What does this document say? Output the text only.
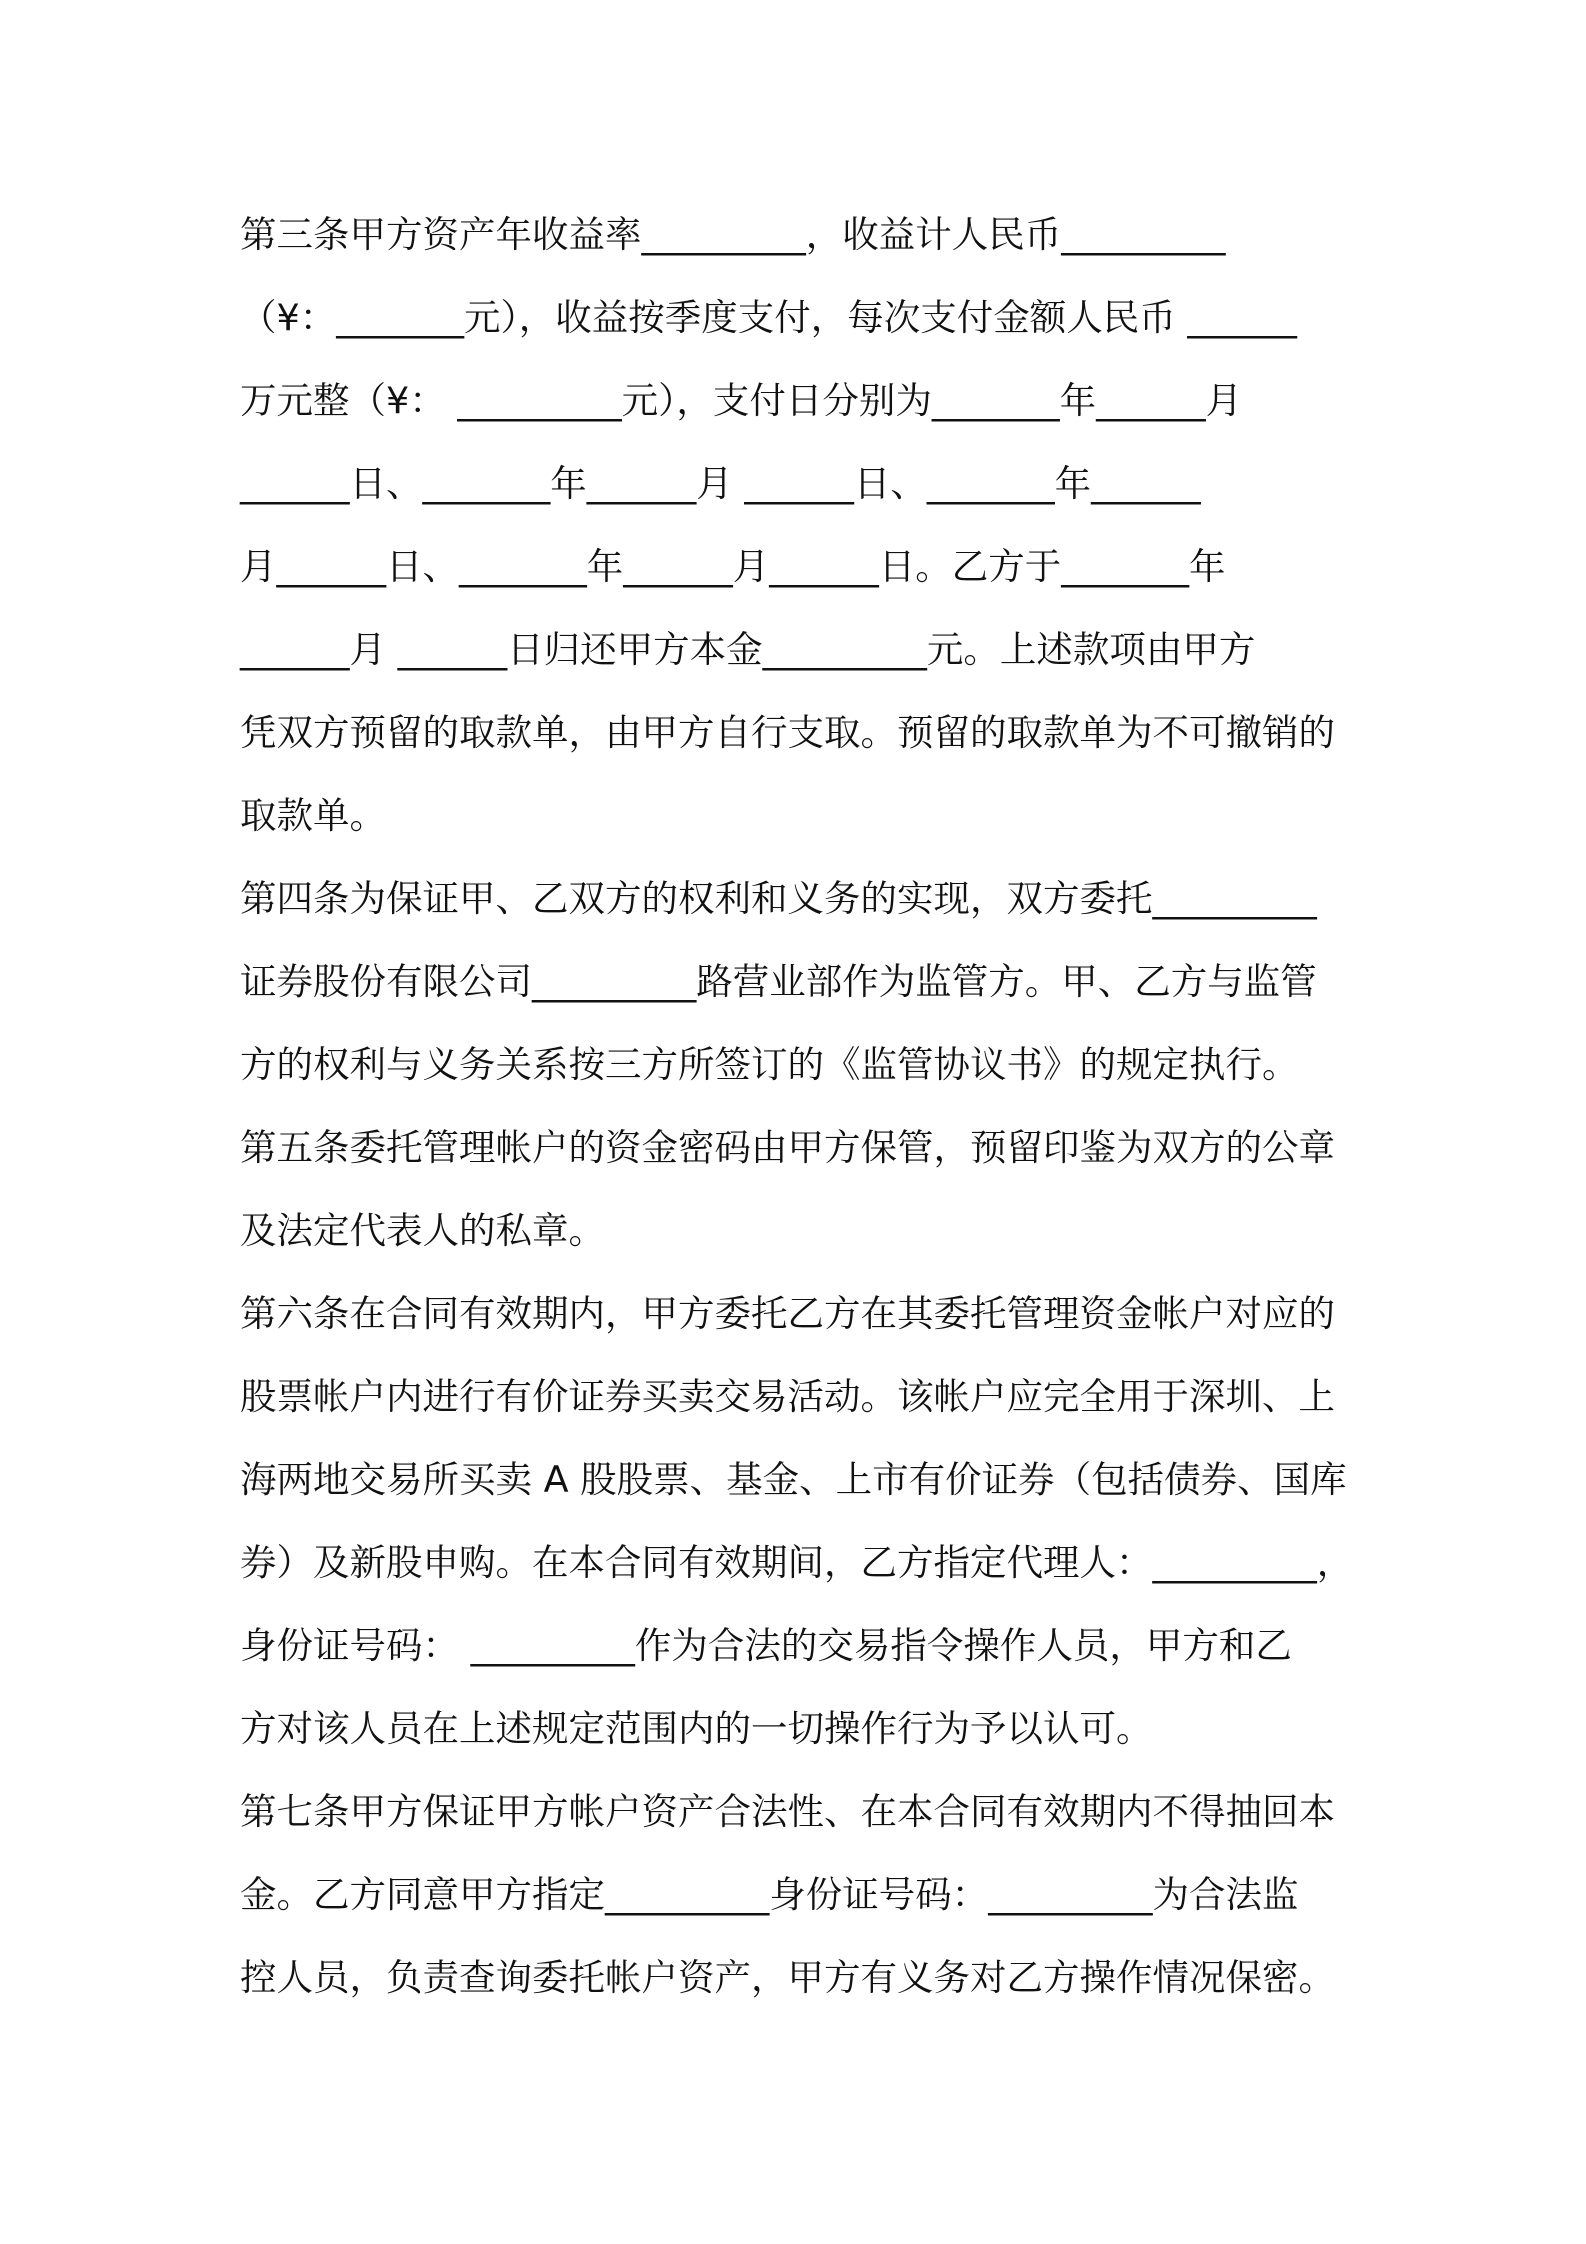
第三条甲方资产年收益率_________，收益计人民币_________
（¥：_______元），收益按季度支付，每次支付金额人民币 ______
万元整（¥： _________元），支付日分别为_______年______月
______日、_______年______月 ______日、_______年______
月______日、_______年______月______日。乙方于_______年
______月 ______日归还甲方本金_________元。上述款项由甲方
凭双方预留的取款单，由甲方自行支取。预留的取款单为不可撤销的
取款单。
第四条为保证甲、乙双方的权利和义务的实现，双方委托_________
证券股份有限公司_________路营业部作为监管方。甲、乙方与监管
方的权利与义务关系按三方所签订的《监管协议书》的规定执行。
第五条委托管理帐户的资金密码由甲方保管，预留印鉴为双方的公章
及法定代表人的私章。
第六条在合同有效期内，甲方委托乙方在其委托管理资金帐户对应的
股票帐户内进行有价证券买卖交易活动。该帐户应完全用于深圳、上
海两地交易所买卖 A 股股票、基金、上市有价证券（包括债券、国库
券）及新股申购。在本合同有效期间，乙方指定代理人：_________，
身份证号码： _________作为合法的交易指令操作人员，甲方和乙
方对该人员在上述规定范围内的一切操作行为予以认可。
第七条甲方保证甲方帐户资产合法性、在本合同有效期内不得抽回本
金。乙方同意甲方指定_________身份证号码：_________为合法监
控人员，负责查询委托帐户资产，甲方有义务对乙方操作情况保密。
